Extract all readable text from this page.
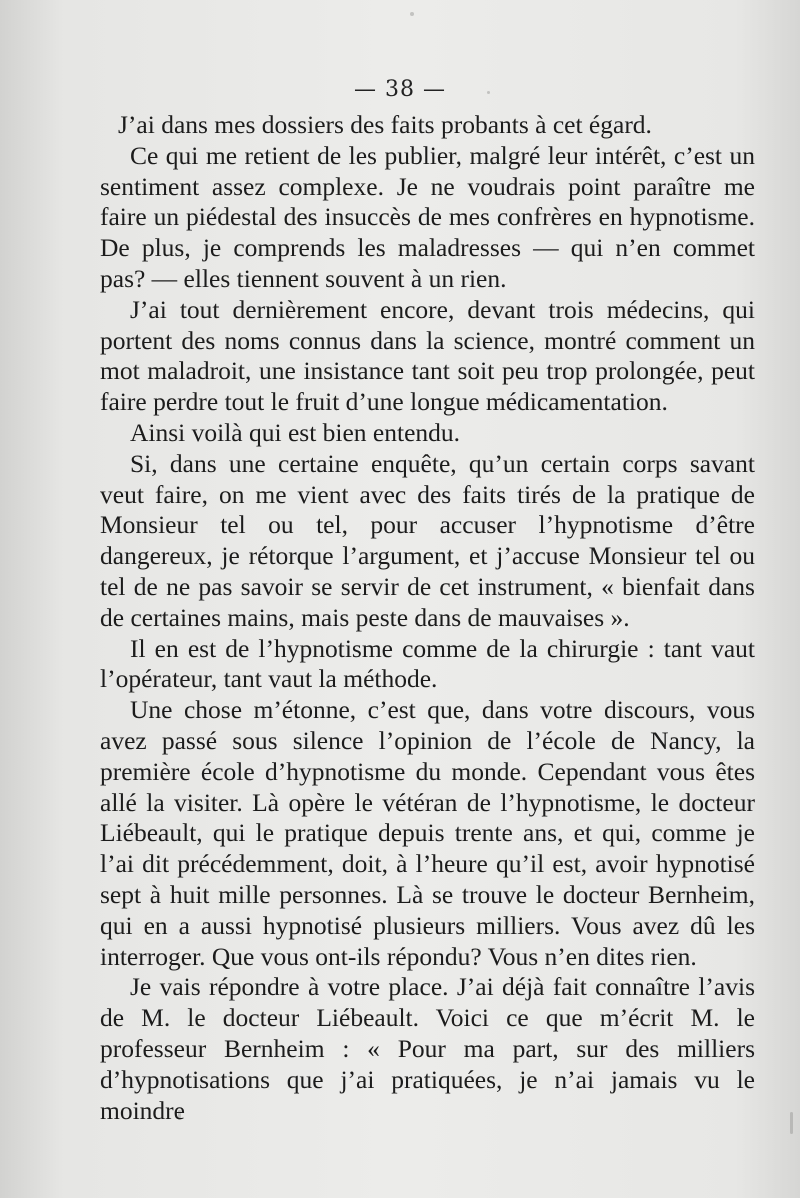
— 38 —

J’ai dans mes dossiers des faits probants à cet égard.

Ce qui me retient de les publier, malgré leur intérêt, c’est un sentiment assez complexe. Je ne voudrais point paraître me faire un piédestal des insuccès de mes confrères en hypnotisme. De plus, je comprends les maladresses — qui n’en commet pas? — elles tiennent souvent à un rien.

J’ai tout dernièrement encore, devant trois médecins, qui portent des noms connus dans la science, montré comment un mot maladroit, une insistance tant soit peu trop prolongée, peut faire perdre tout le fruit d’une longue médicamentation.

Ainsi voilà qui est bien entendu.

Si, dans une certaine enquête, qu’un certain corps savant veut faire, on me vient avec des faits tirés de la pratique de Monsieur tel ou tel, pour accuser l’hypnotisme d’être dangereux, je rétorque l’argument, et j’accuse Monsieur tel ou tel de ne pas savoir se servir de cet instrument, « bienfait dans de certaines mains, mais peste dans de mauvaises ».

Il en est de l’hypnotisme comme de la chirurgie : tant vaut l’opérateur, tant vaut la méthode.

Une chose m’étonne, c’est que, dans votre discours, vous avez passé sous silence l’opinion de l’école de Nancy, la première école d’hypnotisme du monde. Cependant vous êtes allé la visiter. Là opère le vétéran de l’hypnotisme, le docteur Liébeault, qui le pratique depuis trente ans, et qui, comme je l’ai dit précédemment, doit, à l’heure qu’il est, avoir hypnotisé sept à huit mille personnes. Là se trouve le docteur Bernheim, qui en a aussi hypnotisé plusieurs milliers. Vous avez dû les interroger. Que vous ont-ils répondu? Vous n’en dites rien.

Je vais répondre à votre place. J’ai déjà fait connaître l’avis de M. le docteur Liébeault. Voici ce que m’écrit M. le professeur Bernheim : « Pour ma part, sur des milliers d’hypnotisations que j’ai pratiquées, je n’ai jamais vu le moindre
